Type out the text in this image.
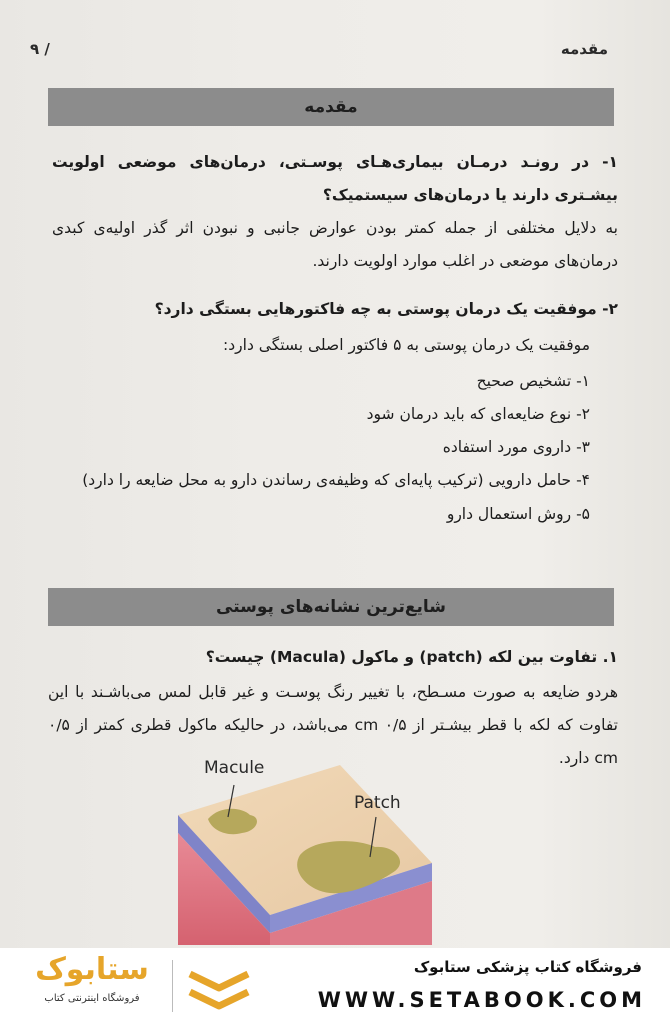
مقدمه
۹ /
مقدمه
۱- در رونـد درمـان بیماری‌هـای پوسـتی، درمان‌های موضعی اولویت بیشـتری دارند یا درمان‌های سیستمیک؟
به دلایل مختلفی از جمله کمتر بودن عوارض جانبی و نبودن اثر گذر اولیه‌ی کبدی درمان‌های موضعی در اغلب موارد اولویت دارند.
۲- موفقیت یک درمان پوستی به چه فاکتورهایی بستگی دارد؟
موفقیت یک درمان پوستی به ۵ فاکتور اصلی بستگی دارد:
۱- تشخیص صحیح
۲- نوع ضایعه‌ای که باید درمان شود
۳- داروی مورد استفاده
۴- حامل دارویی (ترکیب پایه‌ای که وظیفه‌ی رساندن دارو به محل ضایعه را دارد)
۵- روش استعمال دارو
شایع‌ترین نشانه‌های پوستی
۱. تفاوت بین لکه (patch) و ماکول (Macula) چیست؟
هردو ضایعه به صورت مسـطح، با تغییر رنگ پوسـت و غیر قابل لمس می‌باشـند با این تفاوت که لکه با قطر بیشـتر از ۰/۵ cm می‌باشد، در حالیکه ماکول قطری کمتر از ۰/۵ cm دارد.
Macule
Patch
ستابوک
فروشگاه اینترنتی کتاب
فروشگاه کتاب پزشکی ستابوک
WWW.SETABOOK.COM
